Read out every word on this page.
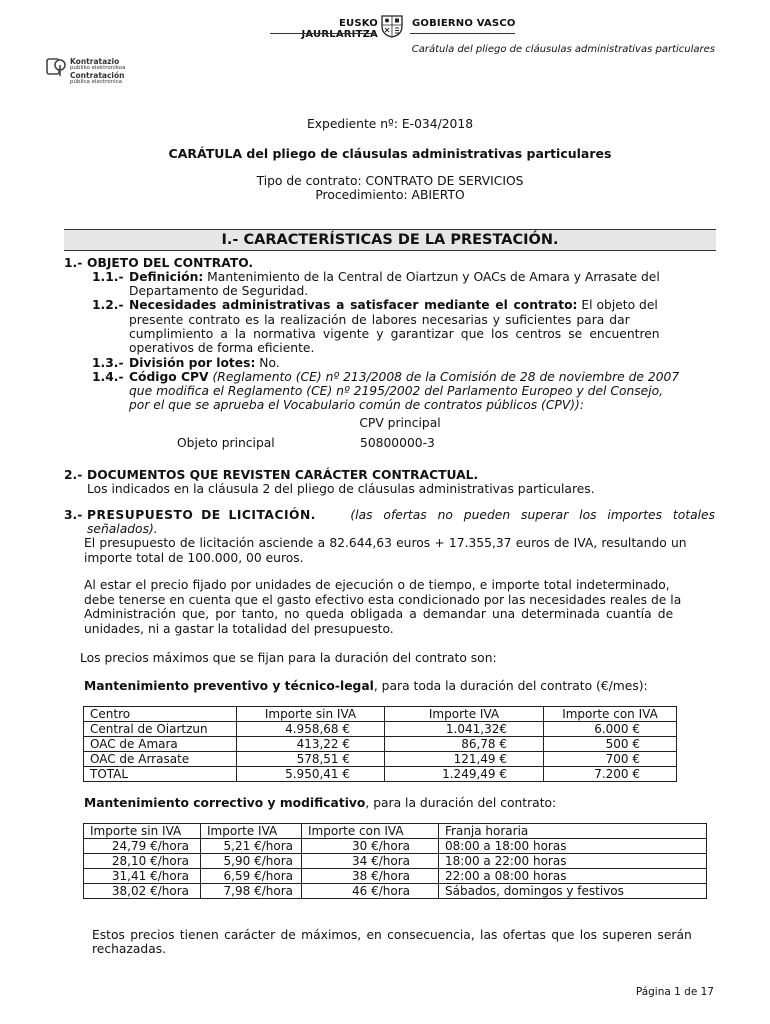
EUSKO JAURLARITZA
GOBIERNO VASCO
Carátula del pliego de cláusulas administrativas particulares
Kontratazio
publiko elektronikoa
Contratación
pública electrónica
Expediente nº: E-034/2018
CARÁTULA del pliego de cláusulas administrativas particulares
Tipo de contrato: CONTRATO DE SERVICIOS
Procedimiento: ABIERTO
I.- CARACTERÍSTICAS DE LA PRESTACIÓN.
1.- OBJETO DEL CONTRATO.
1.1.- Definición: Mantenimiento de la Central de Oiartzun y OACs de Amara y Arrasate del
Departamento de Seguridad.
1.2.- Necesidades administrativas a satisfacer mediante el contrato: El objeto del
presente contrato es la realización de labores necesarias y suficientes para dar
cumplimiento a la normativa vigente y garantizar que los centros se encuentren
operativos de forma eficiente.
1.3.- División por lotes: No.
1.4.- Código CPV (Reglamento (CE) nº 213/2008 de la Comisión de 28 de noviembre de 2007
que modifica el Reglamento (CE) nº 2195/2002 del Parlamento Europeo y del Consejo,
por el que se aprueba el Vocabulario común de contratos públicos (CPV)):
CPV principal
Objeto principal	50800000-3
2.- DOCUMENTOS QUE REVISTEN CARÁCTER CONTRACTUAL.
Los indicados en la cláusula 2 del pliego de cláusulas administrativas particulares.
3.- PRESUPUESTO DE LICITACIÓN.	(las ofertas no pueden superar los importes totales
señalados).
El presupuesto de licitación asciende a 82.644,63 euros + 17.355,37 euros de IVA, resultando un
importe total de 100.000, 00 euros.
Al estar el precio fijado por unidades de ejecución o de tiempo, e importe total indeterminado,
debe tenerse en cuenta que el gasto efectivo esta condicionado por las necesidades reales de la
Administración que, por tanto, no queda obligada a demandar una determinada cuantía de
unidades, ni a gastar la totalidad del presupuesto.
Los precios máximos que se fijan para la duración del contrato son:
Mantenimiento preventivo y técnico-legal, para toda la duración del contrato (€/mes):
Centro	Importe sin IVA	Importe IVA	Importe con IVA
Central de Oiartzun	4.958,68 €	1.041,32€	6.000 €
OAC de Amara	413,22 €	86,78 €	500 €
OAC de Arrasate	578,51 €	121,49 €	700 €
TOTAL	5.950,41 €	1.249,49 €	7.200 €
Mantenimiento correctivo y modificativo, para la duración del contrato:
Importe sin IVA	Importe IVA	Importe con IVA	Franja horaria
24,79 €/hora	5,21 €/hora	30 €/hora	08:00 a 18:00 horas
28,10 €/hora	5,90 €/hora	34 €/hora	18:00 a 22:00 horas
31,41 €/hora	6,59 €/hora	38 €/hora	22:00 a 08:00 horas
38,02 €/hora	7,98 €/hora	46 €/hora	Sábados, domingos y festivos
Estos precios tienen carácter de máximos, en consecuencia, las ofertas que los superen serán
rechazadas.
Página 1 de 17
